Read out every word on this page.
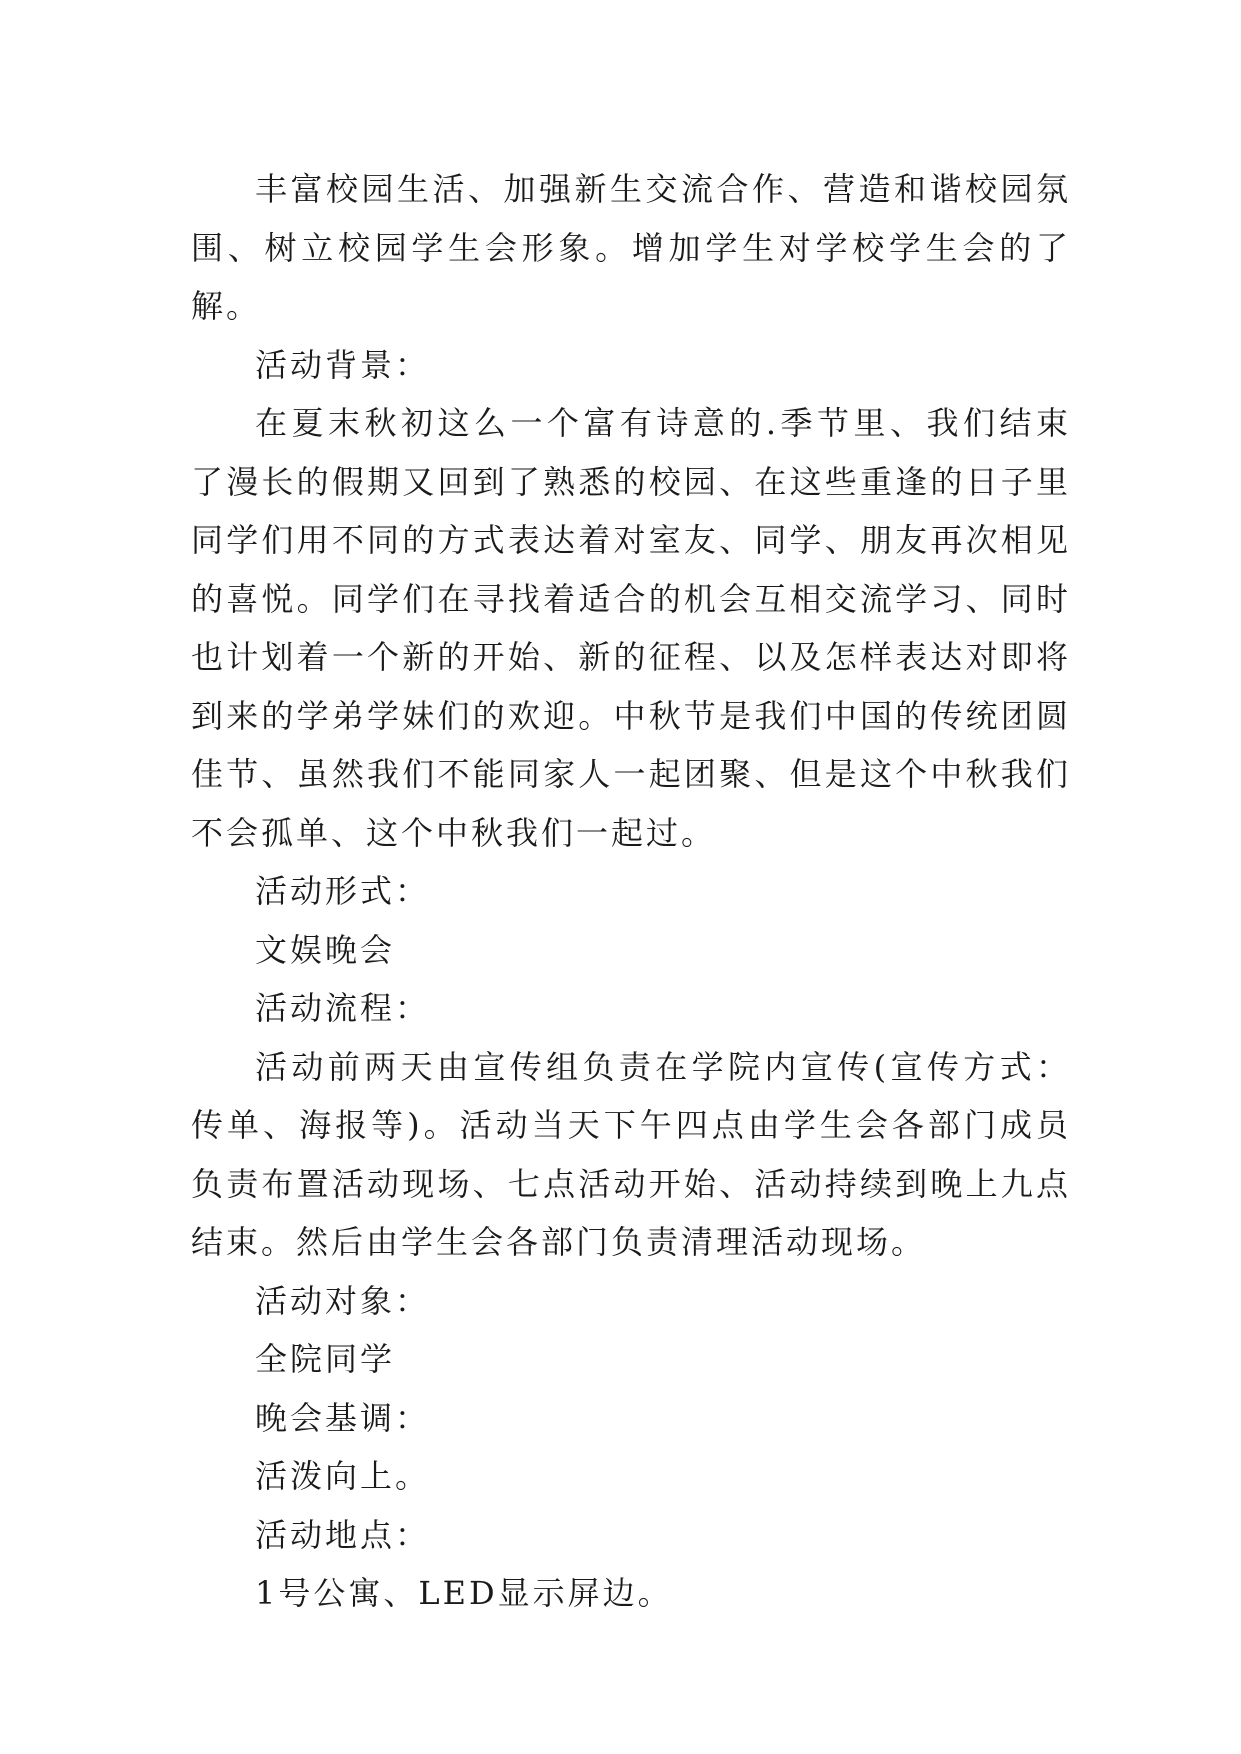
丰富校园生活、加强新生交流合作、营造和谐校园氛围、树立校园学生会形象。增加学生对学校学生会的了解。

活动背景：

在夏末秋初这么一个富有诗意的.季节里、我们结束了漫长的假期又回到了熟悉的校园、在这些重逢的日子里同学们用不同的方式表达着对室友、同学、朋友再次相见的喜悦。同学们在寻找着适合的机会互相交流学习、同时也计划着一个新的开始、新的征程、以及怎样表达对即将到来的学弟学妹们的欢迎。中秋节是我们中国的传统团圆佳节、虽然我们不能同家人一起团聚、但是这个中秋我们不会孤单、这个中秋我们一起过。

活动形式：

文娱晚会

活动流程：

活动前两天由宣传组负责在学院内宣传(宣传方式：传单、海报等)。活动当天下午四点由学生会各部门成员负责布置活动现场、七点活动开始、活动持续到晚上九点结束。然后由学生会各部门负责清理活动现场。

活动对象：

全院同学

晚会基调：

活泼向上。

活动地点：

1号公寓、LED显示屏边。
